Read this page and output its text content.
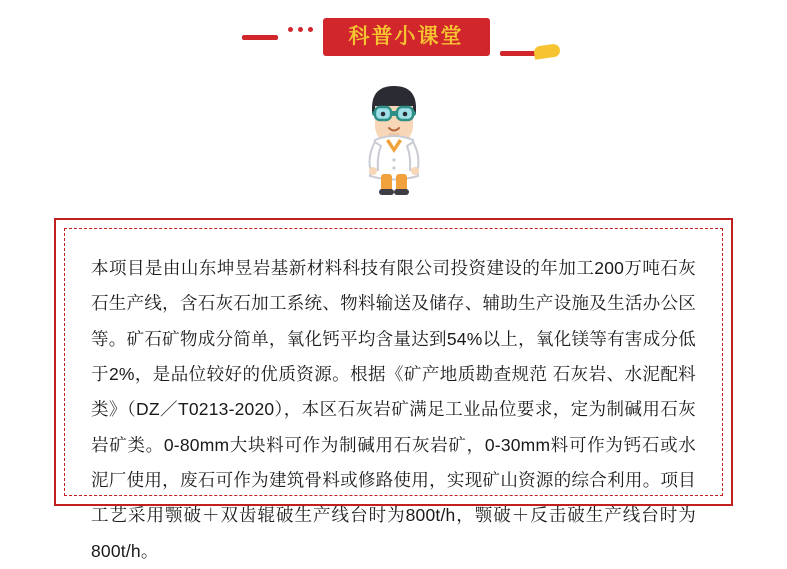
科普小课堂

本项目是由山东坤昱岩基新材料科技有限公司投资建设的年加工200万吨石灰石生产线，含石灰石加工系统、物料输送及储存、辅助生产设施及生活办公区等。矿石矿物成分简单，氧化钙平均含量达到54%以上，氧化镁等有害成分低于2%，是品位较好的优质资源。根据《矿产地质勘查规范 石灰岩、水泥配料类》（DZ／T0213-2020），本区石灰岩矿满足工业品位要求，定为制碱用石灰岩矿类。0-80mm大块料可作为制碱用石灰岩矿，0-30mm料可作为钙石或水泥厂使用，废石可作为建筑骨料或修路使用，实现矿山资源的综合利用。项目工艺采用颚破＋双齿辊破生产线台时为800t/h，颚破＋反击破生产线台时为800t/h。
